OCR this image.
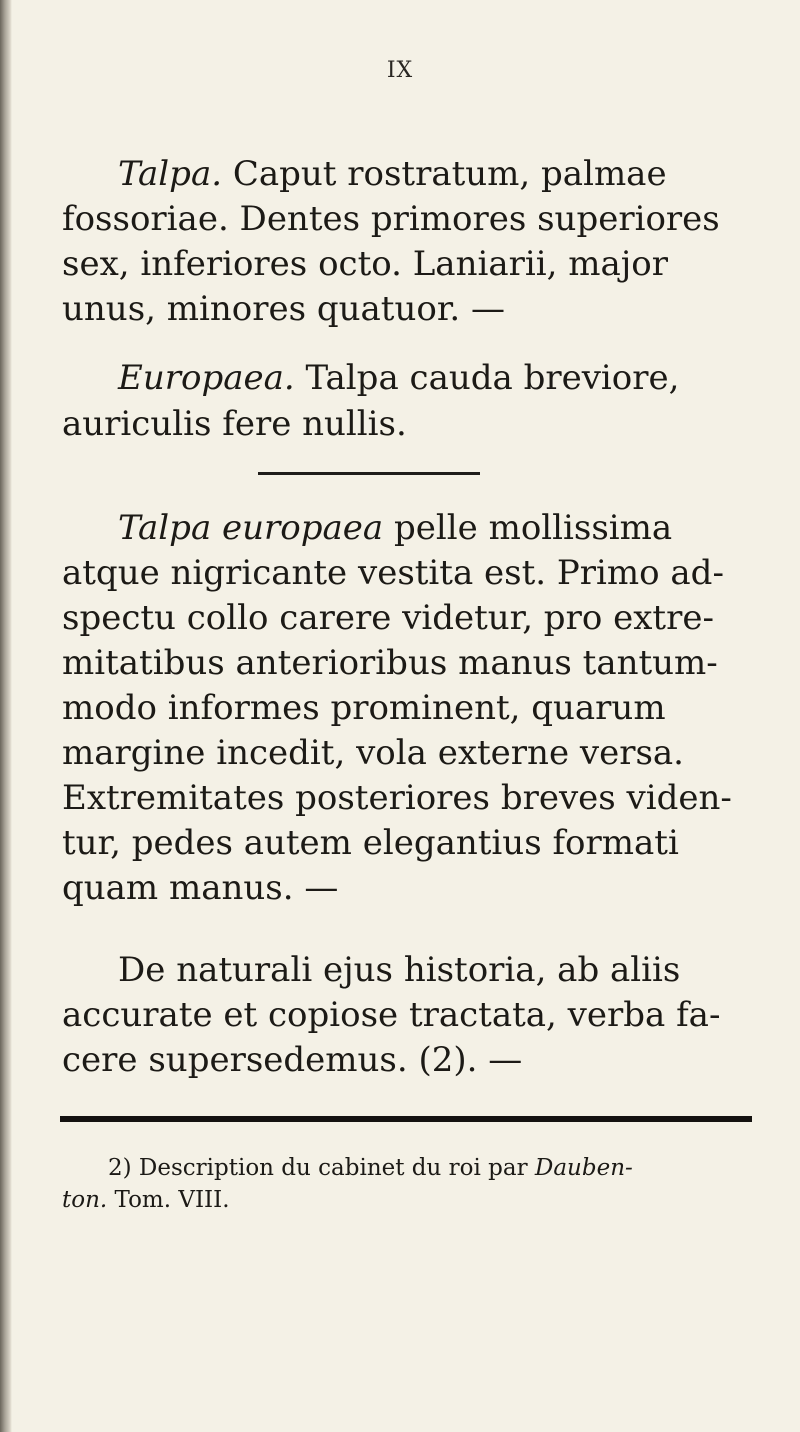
IX
Talpa. Caput rostratum, palmae
fossoriae. Dentes primores superiores
sex, inferiores octo. Laniarii, major
unus, minores quatuor. —
Europaea. Talpa cauda breviore,
auriculis fere nullis.
Talpa europaea pelle mollissima
atque nigricante vestita est. Primo ad-
spectu collo carere videtur, pro extre-
mitatibus anterioribus manus tantum-
modo informes prominent, quarum
margine incedit, vola externe versa.
Extremitates posteriores breves viden-
tur, pedes autem elegantius formati
quam manus. —
De naturali ejus historia, ab aliis
accurate et copiose tractata, verba fa-
cere supersedemus. (2). —
2) Description du cabinet du roi par Dauben-
ton. Tom. VIII.
